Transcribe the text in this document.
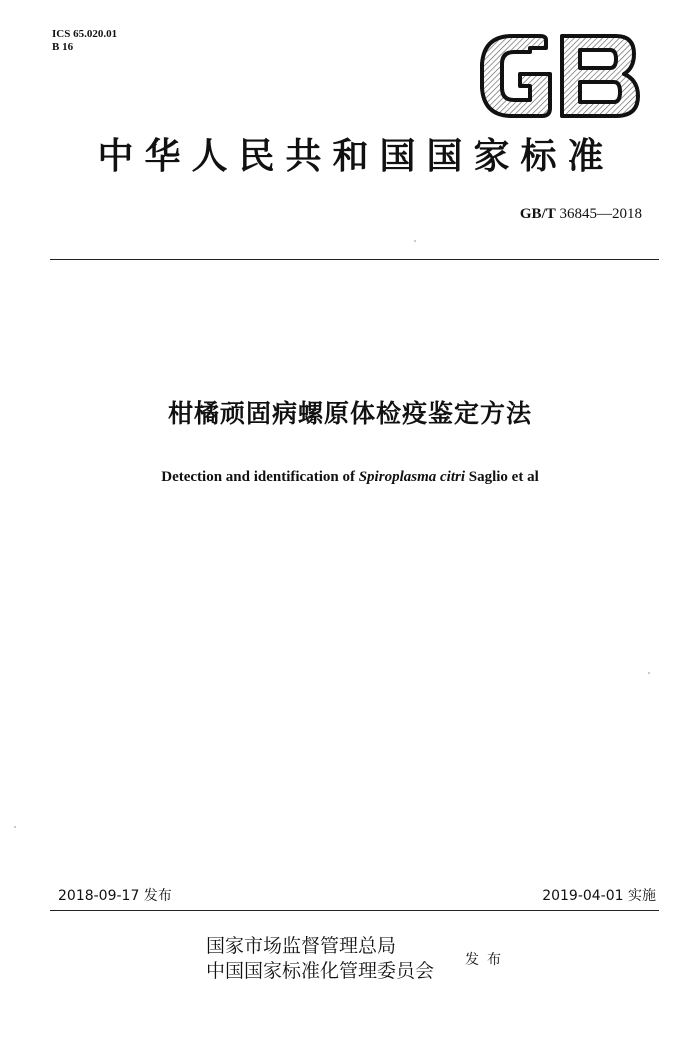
ICS 65.020.01
B 16
中华人民共和国国家标准
GB/T 36845—2018
柑橘顽固病螺原体检疫鉴定方法
Detection and identification of Spiroplasma citri Saglio et al
2018-09-17 发布	2019-04-01 实施
国家市场监督管理总局
中国国家标准化管理委员会 发布
